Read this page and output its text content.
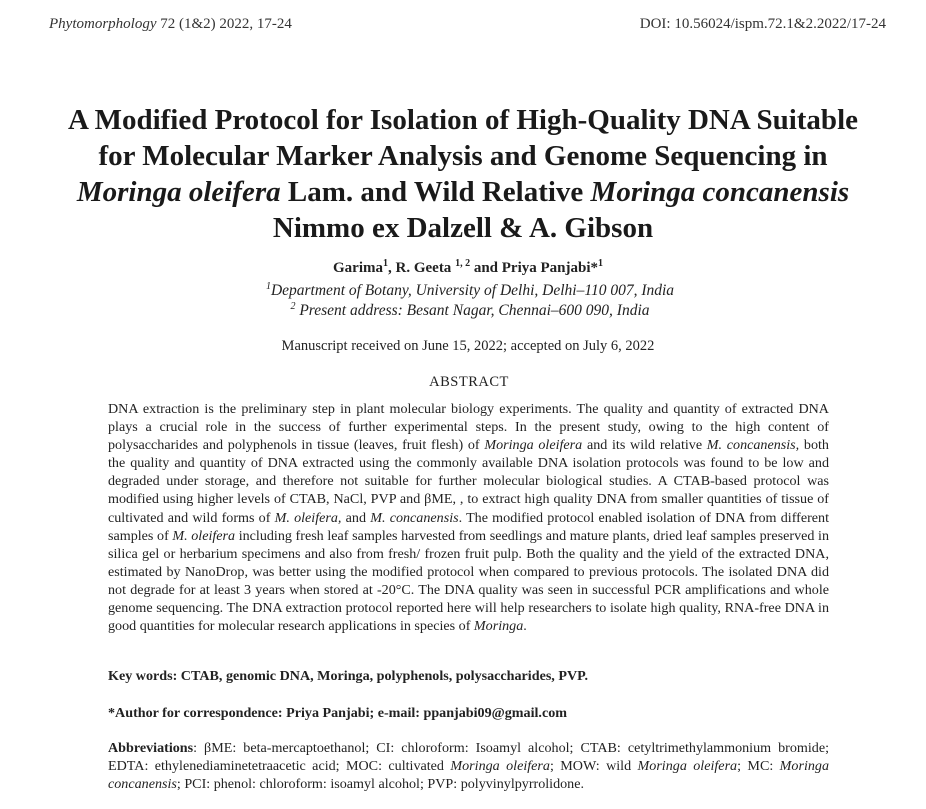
Phytomorphology 72 (1&2) 2022, 17-24	DOI: 10.56024/ispm.72.1&2.2022/17-24
A Modified Protocol for Isolation of High-Quality DNA Suitable
for Molecular Marker Analysis and Genome Sequencing in
Moringa oleifera Lam. and Wild Relative Moringa concanensis
Nimmo ex Dalzell & A. Gibson
Garima$^1$, R. Geeta $^{1, 2}$ and Priya Panjabi*$^1$
$^1$Department of Botany, University of Delhi, Delhi–110 007, India
$^2$ Present address: Besant Nagar, Chennai–600 090, India
Manuscript received on June 15, 2022; accepted on July 6, 2022
ABSTRACT

DNA extraction is the preliminary step in plant molecular biology experiments. The quality and quantity of extracted DNA plays a crucial role in the success of further experimental steps. In the present study, owing to the high content of polysaccharides and polyphenols in tissue (leaves, fruit flesh) of Moringa oleifera and its wild relative M. concanensis, both the quality and quantity of DNA extracted using the commonly available DNA isolation protocols was found to be low and degraded under storage, and therefore not suitable for further molecular biological studies. A CTAB-based protocol was modified using higher levels of CTAB, NaCl, PVP and βME, , to extract high quality DNA from smaller quantities of tissue of cultivated and wild forms of M. oleifera, and M. concanensis. The modified protocol enabled isolation of DNA from different samples of M. oleifera including fresh leaf samples harvested from seedlings and mature plants, dried leaf samples preserved in silica gel or herbarium specimens and also from fresh/ frozen fruit pulp. Both the quality and the yield of the extracted DNA, estimated by NanoDrop, was better using the modified protocol when compared to previous protocols. The isolated DNA did not degrade for at least 3 years when stored at -20°C. The DNA quality was seen in successful PCR amplifications and whole genome sequencing. The DNA extraction protocol reported here will help researchers to isolate high quality, RNA-free DNA in good quantities for molecular research applications in species of Moringa.

Key words: CTAB, genomic DNA, Moringa, polyphenols, polysaccharides, PVP.
*Author for correspondence: Priya Panjabi; e-mail: ppanjabi09@gmail.com

Abbreviations: βME: beta-mercaptoethanol; CI: chloroform: Isoamyl alcohol; CTAB: cetyltrimethylammonium bromide; EDTA: ethylenediaminetetraacetic acid; MOC: cultivated Moringa oleifera; MOW: wild Moringa oleifera; MC: Moringa concanensis; PCI: phenol: chloroform: isoamyl alcohol; PVP: polyvinylpyrrolidone.
